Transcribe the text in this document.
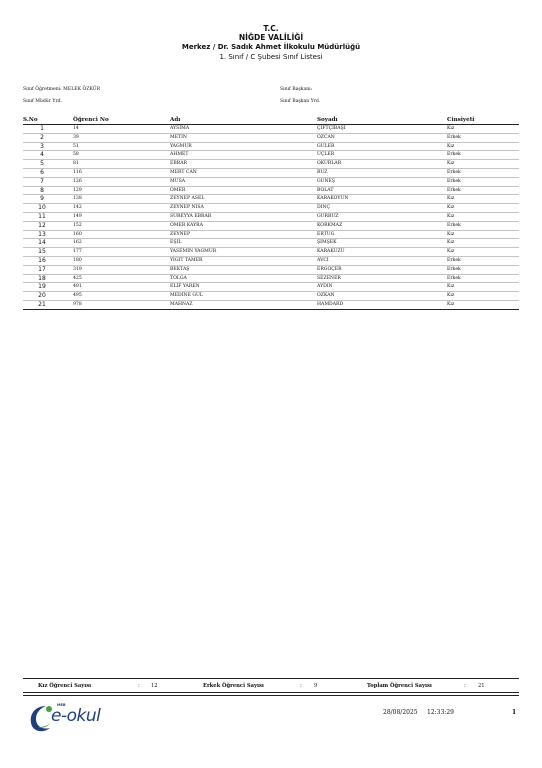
T.C.
NİĞDE VALİLİĞİ
Merkez / Dr. Sadık Ahmet İlkokulu Müdürlüğü
1. Sınıf / C Şubesi Sınıf Listesi
Sınıf Öğretmeni: MELEK ÖZKÜR
Sınıf Müdür Yrd.
Sınıf Başkanı:
Sınıf Başkan Yrd.
S.No	Öğrenci No	Adı	Soyadı	Cinsiyeti
1	14	AYSİMA	ÇİFTÇİBAŞI	Kız
2	39	METİN	ÖZCAN	Erkek
3	51	YAĞMUR	GÜLER	Kız
4	58	AHMET	ÜÇLER	Erkek
5	81	EBRAR	OKURLAR	Kız
6	116	MERT CAN	BUZ	Erkek
7	126	MUSA	GÜNEŞ	Erkek
8	129	ÖMER	BOLAT	Erkek
9	138	ZEYNEP ASEL	KARAKOYUN	Kız
10	142	ZEYNEP NİSA	DİNÇ	Kız
11	149	SÜREYYA EBRAR	GÜRBÜZ	Kız
12	152	ÖMER KAYRA	KORKMAZ	Erkek
13	160	ZEYNEP	ERTUĞ	Kız
14	162	EŞİL	ŞİMŞEK	Kız
15	177	YASEMİN YAĞMUR	KARAKUZU	Kız
16	180	YİĞİT TAMER	AVCI	Erkek
17	319	BEKTAŞ	ERGÖÇER	Erkek
18	425	TOLGA	SEZENER	Erkek
19	491	ELİF YAREN	AYDIN	Kız
20	495	MEDİNE GÜL	ÖZKAN	Kız
21	978	MAHNAZ	HAMDARD	Kız
Kız Öğrenci Sayısı	: 12	Erkek Öğrenci Sayısı	: 9	Toplam Öğrenci Sayısı	: 21
MEB
e-okul	28/08/2025 12:33:29	1
